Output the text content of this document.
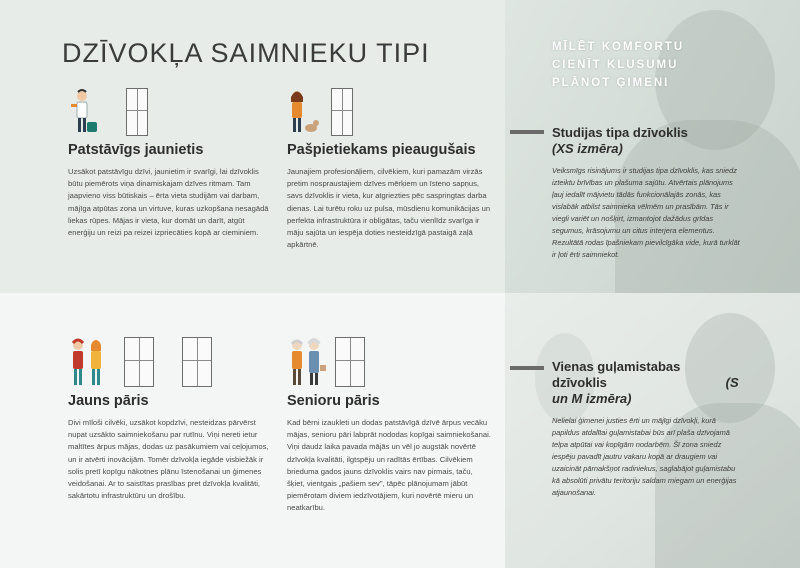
DZĪVOKĻA SAIMNIEKU TIPI	MĪLĒT KOMFORTU
CIENĪT KLUSUMU
PLĀNOT ĢIMENI
Patstāvīgs jaunietis
Uzsākot patstāvīgu dzīvi, jaunietim ir svarīgi, lai dzīvoklis būtu piemērots viņa dinamiskajam dzīves ritmam. Tam jaapvieno viss būtiskais – ērta vieta studijām vai darbam, mājīga atpūtas zona un virtuve, kuras uzkopšana nesagādā liekas rūpes. Mājas ir vieta, kur domāt un darīt, atgūt enerģiju un reizi pa reizei izpriecāties kopā ar cieminiem.
Pašpietiekams pieaugušais
Jaunajiem profesionāļiem, cilvēkiem, kuri pamazām virzās pretim nospraustajiem dzīves mērķiem un īsteno sapņus, savs dzīvoklis ir vieta, kur atgriezties pēc saspringtas darba dienas. Lai turētu roku uz pulsa, mūsdienu komunikācijas un perfekta infrastruktūra ir obligātas, taču vienlīdz svarīga ir māju sajūta un iespēja doties nesteidzīgā pastaigā zaļā apkārtnē.
Jauns pāris
Divi mīloši cilvēki, uzsākot kopdzīvi, nesteidzas pārvērst nupat uzsākto saimniekošanu par rutīnu. Viņi nereti ietur maltītes ārpus mājas, dodas uz pasākumiem vai ceļojumos, un ir atvērti inovācijām. Tomēr dzīvokļa iegāde visbiežāk ir solis pretī kopīgu nākotnes plānu īstenošanai un ģimenes veidošanai. Ar to saistītas prasības pret dzīvokļa kvalitāti, sakārtotu infrastruktūru un drošību.
Senioru pāris
Kad bērni izaukleti un dodas patstāvīgā dzīvē ārpus vecāku mājas, senioru pāri labprāt nododas kopīgai saimniekošanai. Viņi daudz laika pavada mājās un vēl jo augstāk novērtē dzīvokļa kvalitāti, ilgtspēju un radītās ērtības. Cilvēkiem brieduma gados jauns dzīvoklis vairs nav pirmais, taču, šķiet, vientgais „pašiem sev", tāpēc plānojumam jābūt piemērotam diviem iedzīvotājiem, kuri novērtē mieru un neatkarību.
Studijas tipa dzīvoklis
(XS izmēra)
Veiksmīgs risinājums ir studijas tipa dzīvoklis, kas sniedz izteiktu brīvības un plašuma sajūtu. Atvērtais plānojums ļauj iedalīt mājvietu tādās funkcionālajās zonās, kas vislabāk atbilst saimnieka vēlmēm un prasībām. Tās ir viegli variēt un nošķirt, izmantojot dažādus grīdas segumus, krāsojumu un citus interjera elementus. Rezultātā rodas īpašniekam pievilcīgāka vide, kurā turklāt ir ļoti ērti saimniekot.
Vienas guļamistabas dzīvoklis	(S un M izmēra)
Nelielai ģimenei justies ērti un mājīgi dzīvokļi, kurā papildus atdalītai guļamistabai būs arī plaša dzīvojamā telpa atpūtai vai kopīgām nodarbēm. Šī zona sniedz iespēju pavadīt jautru vakaru kopā ar draugiem vai uzaicināt pārnakšņot radiniekus, saglabājot guļamistabu kā absolūti privātu teritoriju saldam miegam un enerģijas atjaunošanai.
